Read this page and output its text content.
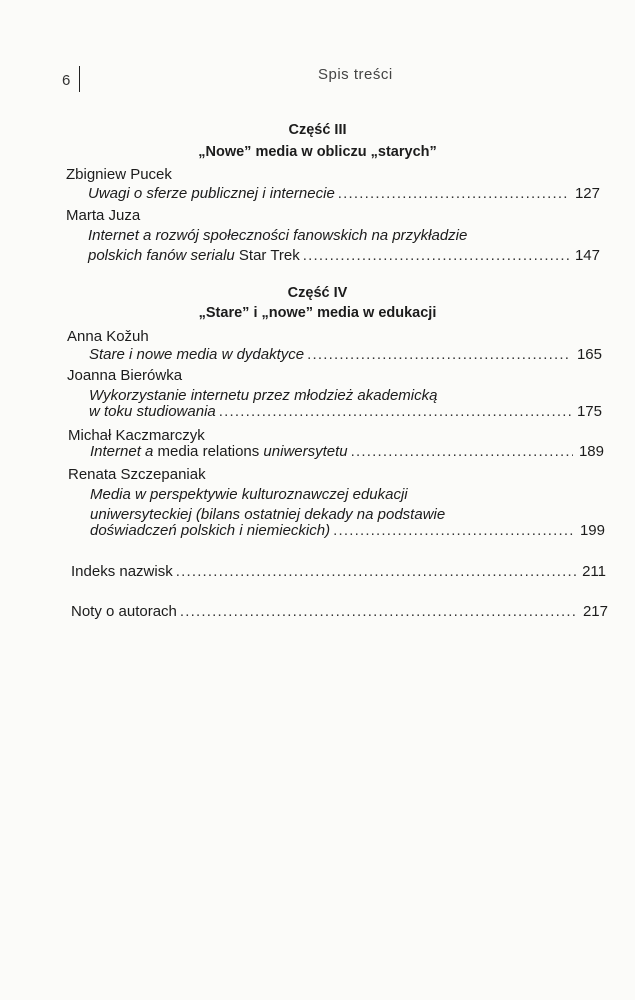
6	Spis treści
Część III
„Nowe” media w obliczu „starych”
Zbigniew Pucek
Uwagi o sferze publicznej i internecie .....	127
Marta Juza
Internet a rozwój społeczności fanowskich na przykładzie
polskich fanów serialu Star Trek .....	147
Część IV
„Stare” i „nowe” media w edukacji
Anna Kožuh
Stare i nowe media w dydaktyce .....	165
Joanna Bierówka
Wykorzystanie internetu przez młodzież akademicką
w toku studiowania .....	175
Michał Kaczmarczyk
Internet a media relations uniwersytetu .....	189
Renata Szczepaniak
Media w perspektywie kulturoznawczej edukacji
uniwersyteckiej (bilans ostatniej dekady na podstawie
doświadczeń polskich i niemieckich) .....	199
Indeks nazwisk .....	211
Noty o autorach .....	217
